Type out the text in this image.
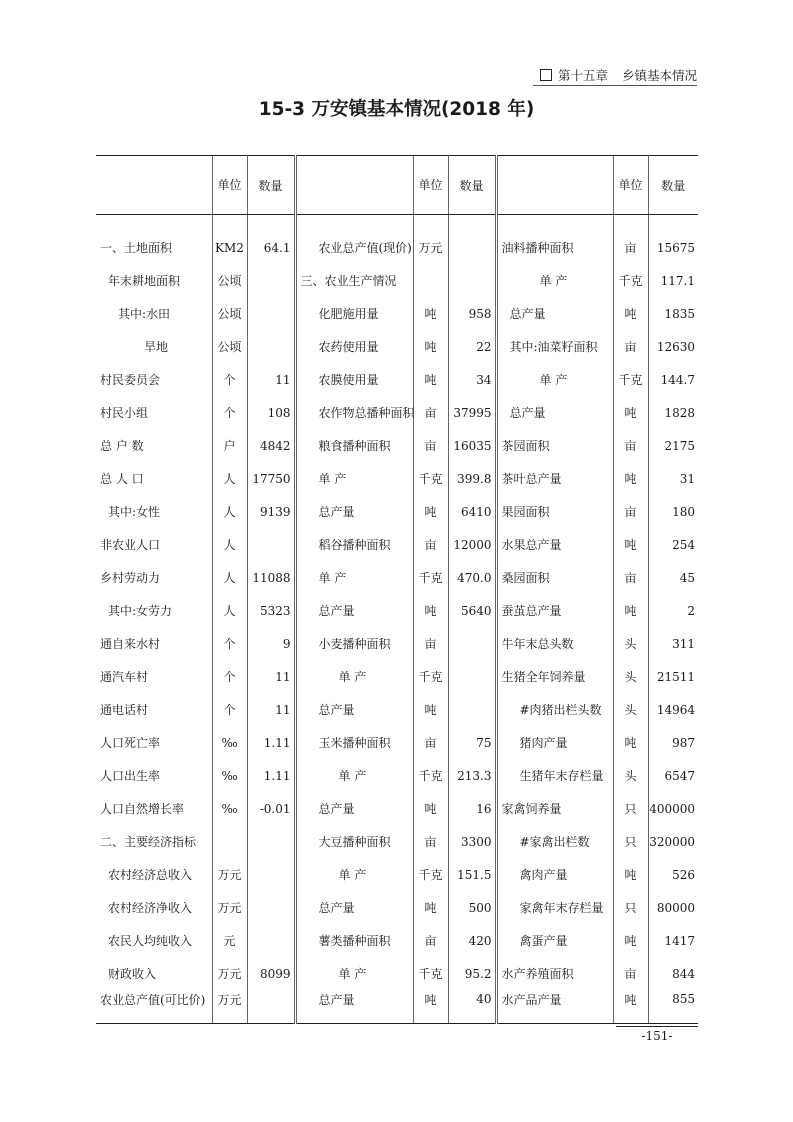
第十五章 乡镇基本情况
15-3 万安镇基本情况(2018 年)
	单位	数量		单位	数量		单位	数量
一、土地面积	KM2	64.1	农业总产值(现价)	万元		油料播种面积	亩	15675
年末耕地面积	公顷		三、农业生产情况			单 产	千克	117.1
其中:水田	公顷		化肥施用量	吨	958	总产量	吨	1835
旱地	公顷		农药使用量	吨	22	其中:油菜籽面积	亩	12630
村民委员会	个	11	农膜使用量	吨	34	单 产	千克	144.7
村民小组	个	108	农作物总播种面积	亩	37995	总产量	吨	1828
总 户 数	户	4842	粮食播种面积	亩	16035	茶园面积	亩	2175
总 人 口	人	17750	单 产	千克	399.8	茶叶总产量	吨	31
其中:女性	人	9139	总产量	吨	6410	果园面积	亩	180
非农业人口	人		稻谷播种面积	亩	12000	水果总产量	吨	254
乡村劳动力	人	11088	单 产	千克	470.0	桑园面积	亩	45
其中:女劳力	人	5323	总产量	吨	5640	蚕茧总产量	吨	2
通自来水村	个	9	小麦播种面积	亩		牛年末总头数	头	311
通汽车村	个	11	单 产	千克		生猪全年饲养量	头	21511
通电话村	个	11	总产量	吨		#肉猪出栏头数	头	14964
人口死亡率	‰	1.11	玉米播种面积	亩	75	猪肉产量	吨	987
人口出生率	‰	1.11	单 产	千克	213.3	生猪年末存栏量	头	6547
人口自然增长率	‰	-0.01	总产量	吨	16	家禽饲养量	只	400000
二、主要经济指标			大豆播种面积	亩	3300	#家禽出栏数	只	320000
农村经济总收入	万元		单 产	千克	151.5	禽肉产量	吨	526
农村经济净收入	万元		总产量	吨	500	家禽年末存栏量	只	80000
农民人均纯收入	元		薯类播种面积	亩	420	禽蛋产量	吨	1417
财政收入	万元	8099	单 产	千克	95.2	水产养殖面积	亩	844
农业总产值(可比价)	万元		总产量	吨	40	水产品产量	吨	855
-151-
